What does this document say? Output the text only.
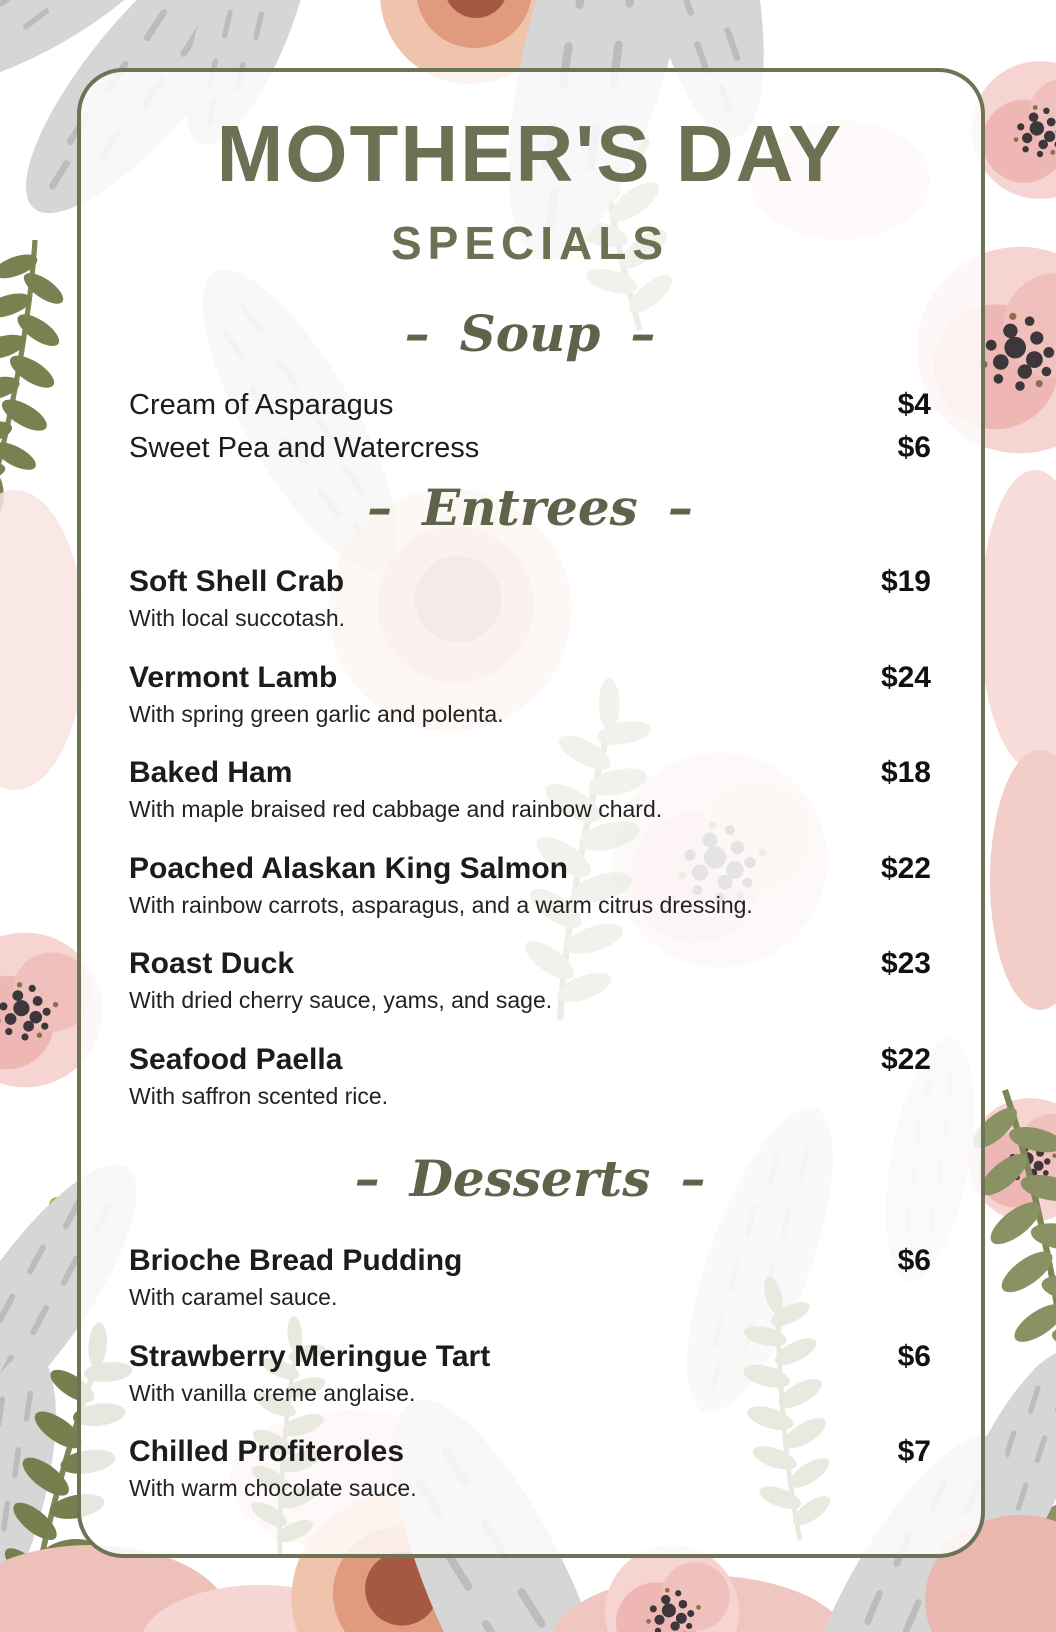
MOTHER'S DAY
SPECIALS
– Soup –
Cream of Asparagus	$4
Sweet Pea and Watercress	$6
– Entrees –
Soft Shell Crab	$19
With local succotash.
Vermont Lamb	$24
With spring green garlic and polenta.
Baked Ham	$18
With maple braised red cabbage and rainbow chard.
Poached Alaskan King Salmon	$22
With rainbow carrots, asparagus, and a warm citrus dressing.
Roast Duck	$23
With dried cherry sauce, yams, and sage.
Seafood Paella	$22
With saffron scented rice.
– Desserts –
Brioche Bread Pudding	$6
With caramel sauce.
Strawberry Meringue Tart	$6
With vanilla creme anglaise.
Chilled Profiteroles	$7
With warm chocolate sauce.
